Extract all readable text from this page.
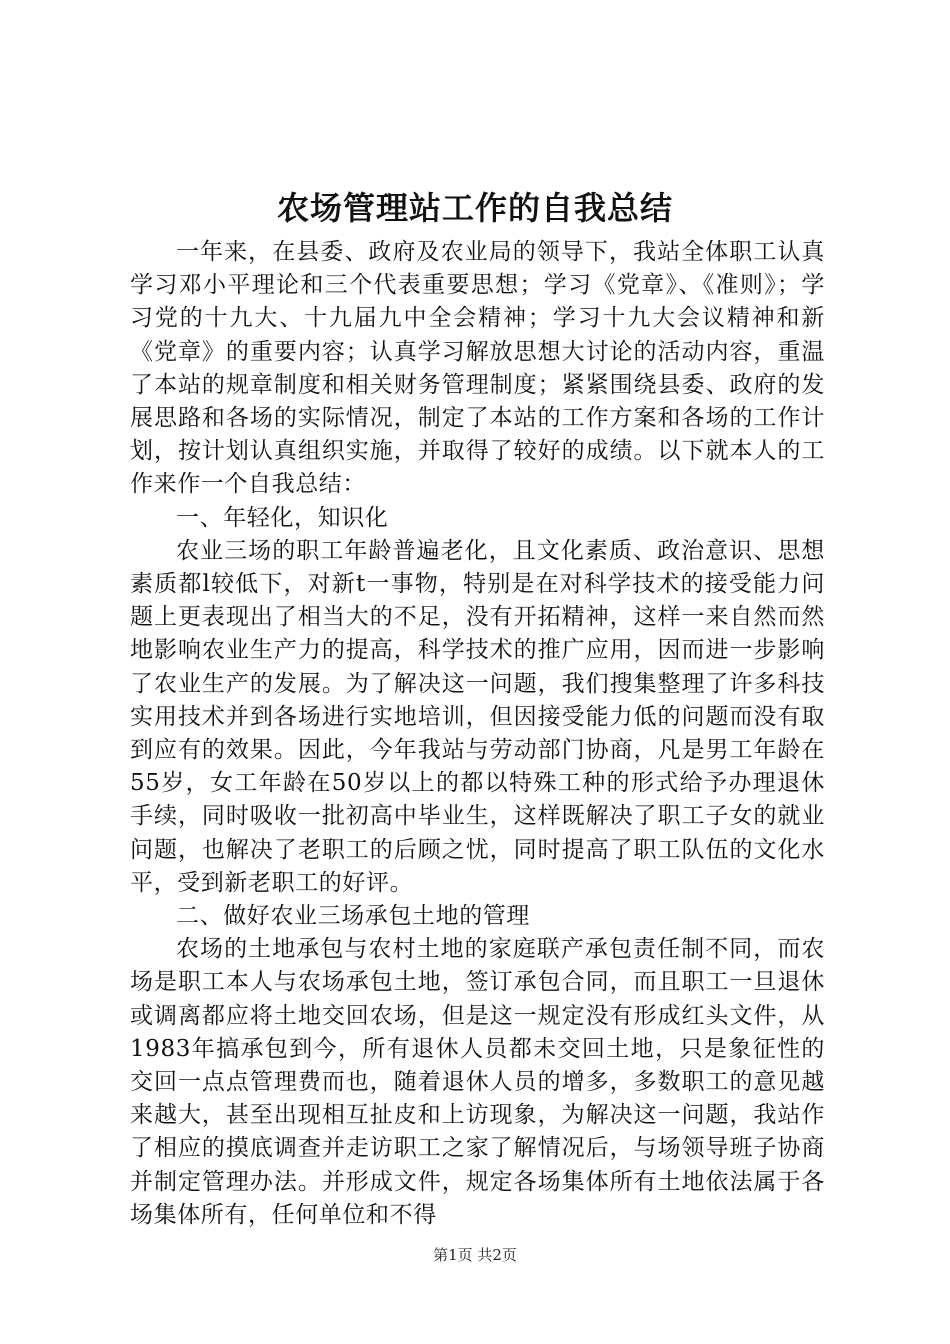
农场管理站工作的自我总结

一年来，在县委、政府及农业局的领导下，我站全体职工认真学习邓小平理论和三个代表重要思想；学习《党章》、《准则》；学习党的十九大、十九届九中全会精神；学习十九大会议精神和新《党章》的重要内容；认真学习解放思想大讨论的活动内容，重温了本站的规章制度和相关财务管理制度；紧紧围绕县委、政府的发展思路和各场的实际情况，制定了本站的工作方案和各场的工作计划，按计划认真组织实施，并取得了较好的成绩。以下就本人的工作来作一个自我总结：

一、年轻化，知识化

农业三场的职工年龄普遍老化，且文化素质、政治意识、思想素质都l较低下，对新t一事物，特别是在对科学技术的接受能力问题上更表现出了相当大的不足，没有开拓精神，这样一来自然而然地影响农业生产力的提高，科学技术的推广应用，因而进一步影响了农业生产的发展。为了解决这一问题，我们搜集整理了许多科技实用技术并到各场进行实地培训，但因接受能力低的问题而没有取到应有的效果。因此，今年我站与劳动部门协商，凡是男工年龄在55岁，女工年龄在50岁以上的都以特殊工种的形式给予办理退休手续，同时吸收一批初高中毕业生，这样既解决了职工子女的就业问题，也解决了老职工的后顾之忧，同时提高了职工队伍的文化水平，受到新老职工的好评。

二、做好农业三场承包土地的管理

农场的土地承包与农村土地的家庭联产承包责任制不同，而农场是职工本人与农场承包土地，签订承包合同，而且职工一旦退休或调离都应将土地交回农场，但是这一规定没有形成红头文件，从1983年搞承包到今，所有退休人员都未交回土地，只是象征性的交回一点点管理费而也，随着退休人员的增多，多数职工的意见越来越大，甚至出现相互扯皮和上访现象，为解决这一问题，我站作了相应的摸底调查并走访职工之家了解情况后，与场领导班子协商并制定管理办法。并形成文件，规定各场集体所有土地依法属于各场集体所有，任何单位和不得

第1页 共2页
